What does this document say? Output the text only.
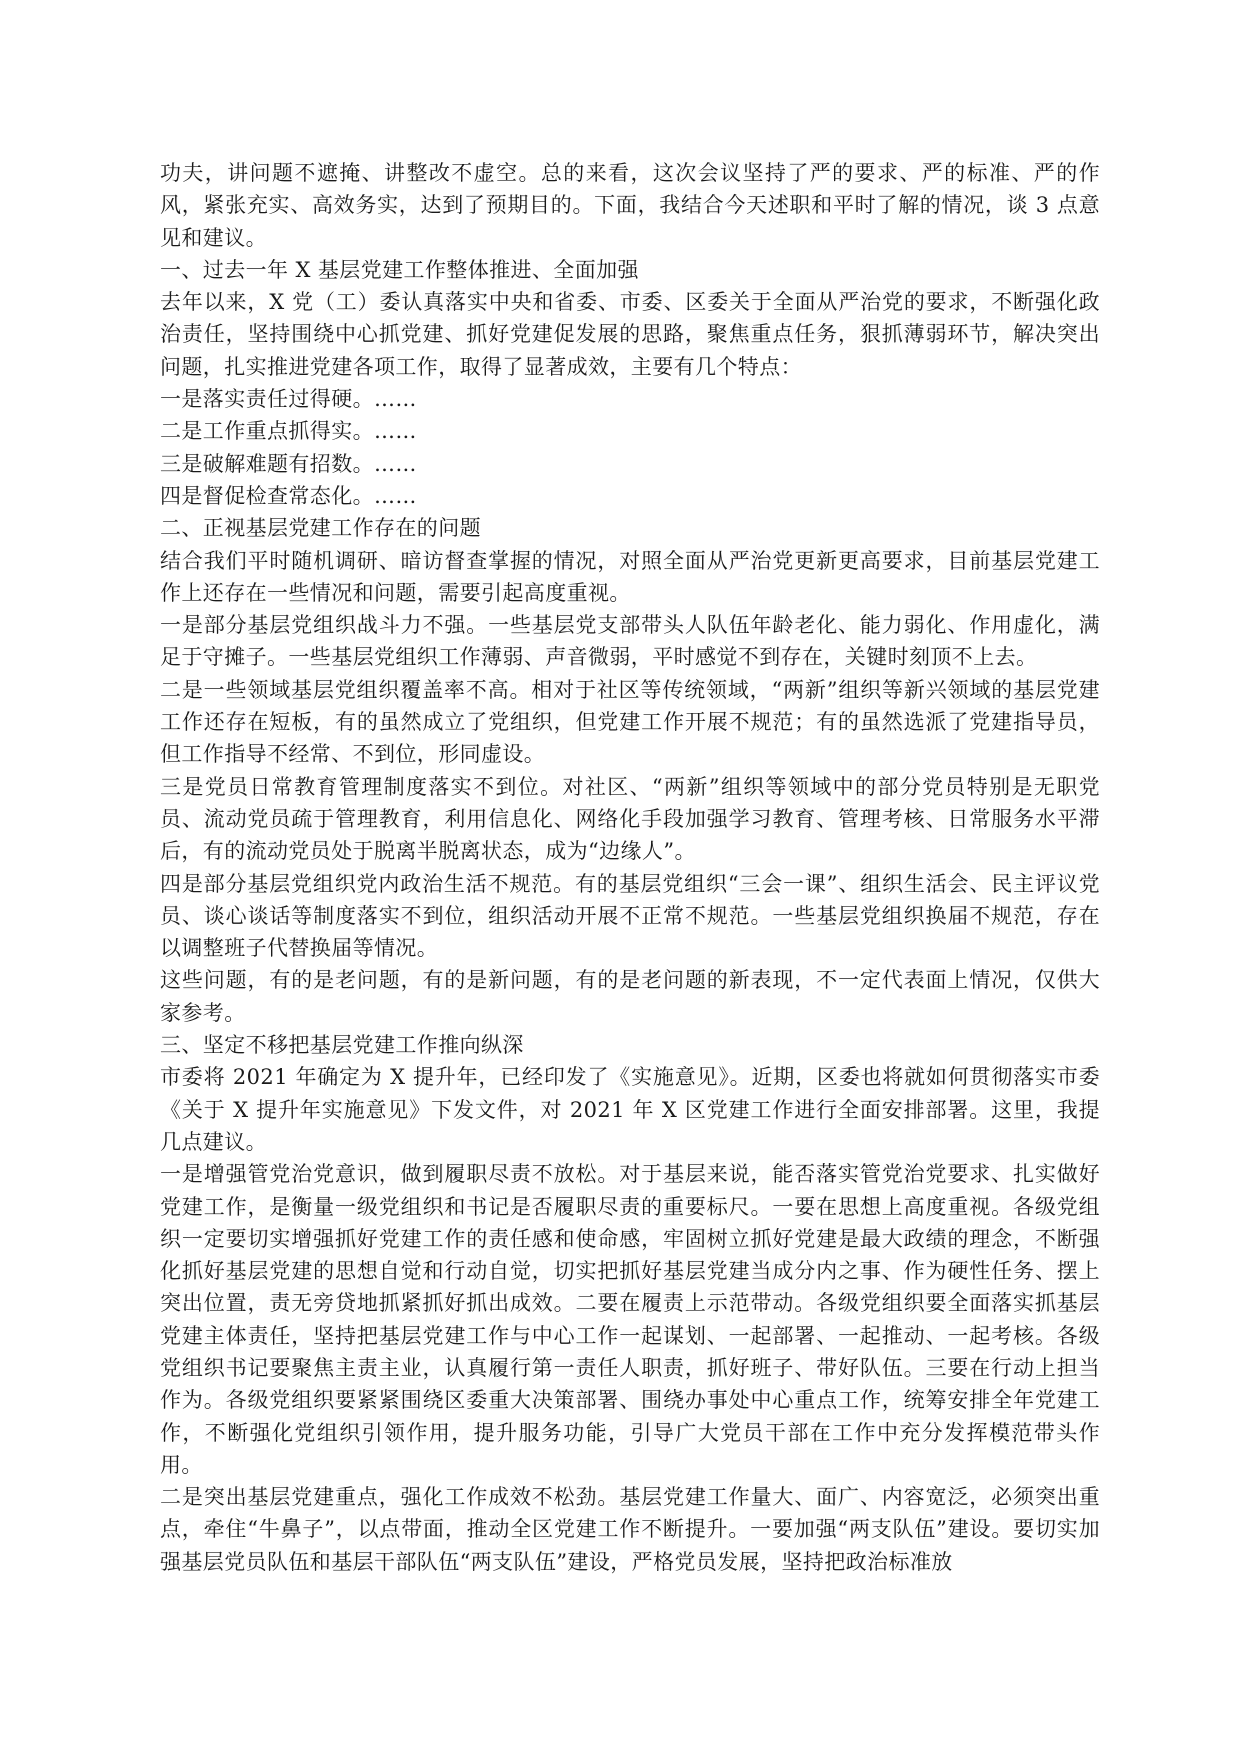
功夫，讲问题不遮掩、讲整改不虚空。总的来看，这次会议坚持了严的要求、严的标准、严的作风，紧张充实、高效务实，达到了预期目的。下面，我结合今天述职和平时了解的情况，谈 3 点意见和建议。

一、过去一年 X 基层党建工作整体推进、全面加强

去年以来，X 党（工）委认真落实中央和省委、市委、区委关于全面从严治党的要求，不断强化政治责任，坚持围绕中心抓党建、抓好党建促发展的思路，聚焦重点任务，狠抓薄弱环节，解决突出问题，扎实推进党建各项工作，取得了显著成效，主要有几个特点：

一是落实责任过得硬。……

二是工作重点抓得实。……

三是破解难题有招数。……

四是督促检查常态化。……

二、正视基层党建工作存在的问题

结合我们平时随机调研、暗访督查掌握的情况，对照全面从严治党更新更高要求，目前基层党建工作上还存在一些情况和问题，需要引起高度重视。

一是部分基层党组织战斗力不强。一些基层党支部带头人队伍年龄老化、能力弱化、作用虚化，满足于守摊子。一些基层党组织工作薄弱、声音微弱，平时感觉不到存在，关键时刻顶不上去。

二是一些领域基层党组织覆盖率不高。相对于社区等传统领域，“两新”组织等新兴领域的基层党建工作还存在短板，有的虽然成立了党组织，但党建工作开展不规范；有的虽然选派了党建指导员，但工作指导不经常、不到位，形同虚设。

三是党员日常教育管理制度落实不到位。对社区、“两新”组织等领域中的部分党员特别是无职党员、流动党员疏于管理教育，利用信息化、网络化手段加强学习教育、管理考核、日常服务水平滞后，有的流动党员处于脱离半脱离状态，成为“边缘人”。

四是部分基层党组织党内政治生活不规范。有的基层党组织“三会一课”、组织生活会、民主评议党员、谈心谈话等制度落实不到位，组织活动开展不正常不规范。一些基层党组织换届不规范，存在以调整班子代替换届等情况。

这些问题，有的是老问题，有的是新问题，有的是老问题的新表现，不一定代表面上情况，仅供大家参考。

三、坚定不移把基层党建工作推向纵深

市委将 2021 年确定为 X 提升年，已经印发了《实施意见》。近期，区委也将就如何贯彻落实市委《关于 X 提升年实施意见》下发文件，对 2021 年 X 区党建工作进行全面安排部署。这里，我提几点建议。

一是增强管党治党意识，做到履职尽责不放松。对于基层来说，能否落实管党治党要求、扎实做好党建工作，是衡量一级党组织和书记是否履职尽责的重要标尺。一要在思想上高度重视。各级党组织一定要切实增强抓好党建工作的责任感和使命感，牢固树立抓好党建是最大政绩的理念，不断强化抓好基层党建的思想自觉和行动自觉，切实把抓好基层党建当成分内之事、作为硬性任务、摆上突出位置，责无旁贷地抓紧抓好抓出成效。二要在履责上示范带动。各级党组织要全面落实抓基层党建主体责任，坚持把基层党建工作与中心工作一起谋划、一起部署、一起推动、一起考核。各级党组织书记要聚焦主责主业，认真履行第一责任人职责，抓好班子、带好队伍。三要在行动上担当作为。各级党组织要紧紧围绕区委重大决策部署、围绕办事处中心重点工作，统筹安排全年党建工作，不断强化党组织引领作用，提升服务功能，引导广大党员干部在工作中充分发挥模范带头作用。

二是突出基层党建重点，强化工作成效不松劲。基层党建工作量大、面广、内容宽泛，必须突出重点，牵住“牛鼻子”，以点带面，推动全区党建工作不断提升。一要加强“两支队伍”建设。要切实加强基层党员队伍和基层干部队伍“两支队伍”建设，严格党员发展，坚持把政治标准放
